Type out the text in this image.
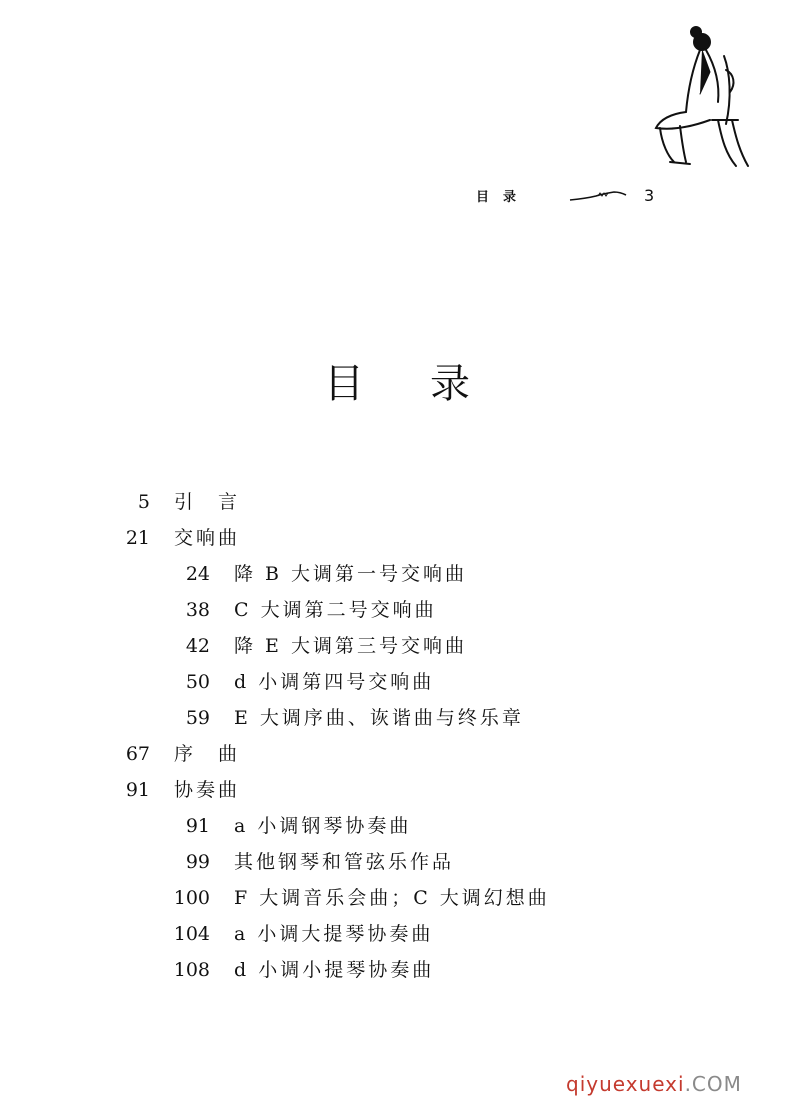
目录	3
目录
5 引　言
21 交响曲
24 降 B 大调第一号交响曲
38 C 大调第二号交响曲
42 降 E 大调第三号交响曲
50 d 小调第四号交响曲
59 E 大调序曲、诙谐曲与终乐章
67 序　曲
91 协奏曲
91 a 小调钢琴协奏曲
99 其他钢琴和管弦乐作品
100 F 大调音乐会曲；C 大调幻想曲
104 a 小调大提琴协奏曲
108 d 小调小提琴协奏曲
qiyuexuexi.COM
